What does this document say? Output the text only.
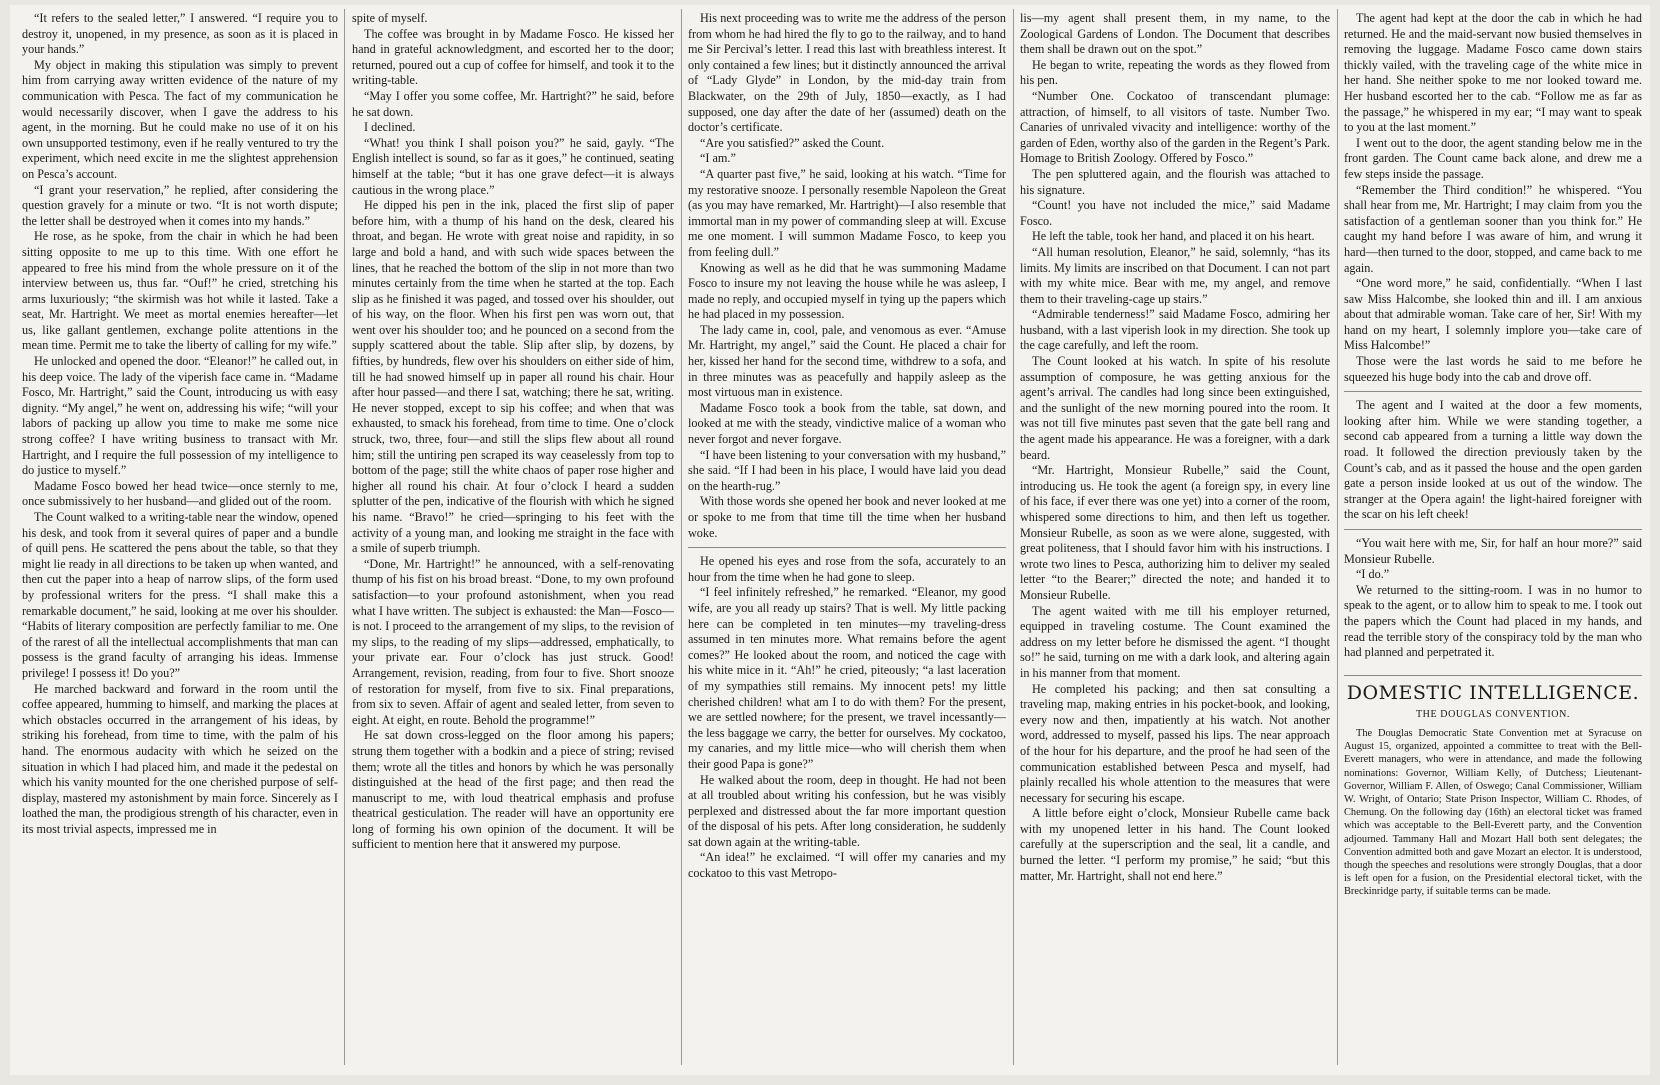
“It refers to the sealed letter,” I answered. “I require you to destroy it, unopened, in my presence, as soon as it is placed in your hands.”

My object in making this stipulation was simply to prevent him from carrying away written evidence of the nature of my communication with Pesca. The fact of my communication he would necessarily discover, when I gave the address to his agent, in the morning. But he could make no use of it on his own unsupported testimony, even if he really ventured to try the experiment, which need excite in me the slightest apprehension on Pesca’s account.

“I grant your reservation,” he replied, after considering the question gravely for a minute or two. “It is not worth dispute; the letter shall be destroyed when it comes into my hands.”

He rose, as he spoke, from the chair in which he had been sitting opposite to me up to this time. With one effort he appeared to free his mind from the whole pressure on it of the interview between us, thus far. “Ouf!” he cried, stretching his arms luxuriously; “the skirmish was hot while it lasted. Take a seat, Mr. Hartright. We meet as mortal enemies hereafter—let us, like gallant gentlemen, exchange polite attentions in the mean time. Permit me to take the liberty of calling for my wife.”

He unlocked and opened the door. “Eleanor!” he called out, in his deep voice. The lady of the viperish face came in. “Madame Fosco, Mr. Hartright,” said the Count, introducing us with easy dignity. “My angel,” he went on, addressing his wife; “will your labors of packing up allow you time to make me some nice strong coffee? I have writing business to transact with Mr. Hartright, and I require the full possession of my intelligence to do justice to myself.”

Madame Fosco bowed her head twice—once sternly to me, once submissively to her husband—and glided out of the room.

The Count walked to a writing-table near the window, opened his desk, and took from it several quires of paper and a bundle of quill pens. He scattered the pens about the table, so that they might lie ready in all directions to be taken up when wanted, and then cut the paper into a heap of narrow slips, of the form used by professional writers for the press. “I shall make this a remarkable document,” he said, looking at me over his shoulder. “Habits of literary composition are perfectly familiar to me. One of the rarest of all the intellectual accomplishments that man can possess is the grand faculty of arranging his ideas. Immense privilege! I possess it! Do you?”

He marched backward and forward in the room until the coffee appeared, humming to himself, and marking the places at which obstacles occurred in the arrangement of his ideas, by striking his forehead, from time to time, with the palm of his hand. The enormous audacity with which he seized on the situation in which I had placed him, and made it the pedestal on which his vanity mounted for the one cherished purpose of self-display, mastered my astonishment by main force. Sincerely as I loathed the man, the prodigious strength of his character, even in its most trivial aspects, impressed me in

spite of myself.

The coffee was brought in by Madame Fosco. He kissed her hand in grateful acknowledgment, and escorted her to the door; returned, poured out a cup of coffee for himself, and took it to the writing-table.

“May I offer you some coffee, Mr. Hartright?” he said, before he sat down.

I declined.

“What! you think I shall poison you?” he said, gayly. “The English intellect is sound, so far as it goes,” he continued, seating himself at the table; “but it has one grave defect—it is always cautious in the wrong place.”

He dipped his pen in the ink, placed the first slip of paper before him, with a thump of his hand on the desk, cleared his throat, and began. He wrote with great noise and rapidity, in so large and bold a hand, and with such wide spaces between the lines, that he reached the bottom of the slip in not more than two minutes certainly from the time when he started at the top. Each slip as he finished it was paged, and tossed over his shoulder, out of his way, on the floor. When his first pen was worn out, that went over his shoulder too; and he pounced on a second from the supply scattered about the table. Slip after slip, by dozens, by fifties, by hundreds, flew over his shoulders on either side of him, till he had snowed himself up in paper all round his chair. Hour after hour passed—and there I sat, watching; there he sat, writing. He never stopped, except to sip his coffee; and when that was exhausted, to smack his forehead, from time to time. One o’clock struck, two, three, four—and still the slips flew about all round him; still the untiring pen scraped its way ceaselessly from top to bottom of the page; still the white chaos of paper rose higher and higher all round his chair. At four o’clock I heard a sudden splutter of the pen, indicative of the flourish with which he signed his name. “Bravo!” he cried—springing to his feet with the activity of a young man, and looking me straight in the face with a smile of superb triumph.

“Done, Mr. Hartright!” he announced, with a self-renovating thump of his fist on his broad breast. “Done, to my own profound satisfaction—to your profound astonishment, when you read what I have written. The subject is exhausted: the Man—Fosco—is not. I proceed to the arrangement of my slips, to the revision of my slips, to the reading of my slips—addressed, emphatically, to your private ear. Four o’clock has just struck. Good! Arrangement, revision, reading, from four to five. Short snooze of restoration for myself, from five to six. Final preparations, from six to seven. Affair of agent and sealed letter, from seven to eight. At eight, en route. Behold the programme!”

He sat down cross-legged on the floor among his papers; strung them together with a bodkin and a piece of string; revised them; wrote all the titles and honors by which he was personally distinguished at the head of the first page; and then read the manuscript to me, with loud theatrical emphasis and profuse theatrical gesticulation. The reader will have an opportunity ere long of forming his own opinion of the document. It will be sufficient to mention here that it answered my purpose.

His next proceeding was to write me the address of the person from whom he had hired the fly to go to the railway, and to hand me Sir Percival’s letter. I read this last with breathless interest. It only contained a few lines; but it distinctly announced the arrival of “Lady Glyde” in London, by the mid-day train from Blackwater, on the 29th of July, 1850—exactly, as I had supposed, one day after the date of her (assumed) death on the doctor’s certificate.

“Are you satisfied?” asked the Count.

“I am.”

“A quarter past five,” he said, looking at his watch. “Time for my restorative snooze. I personally resemble Napoleon the Great (as you may have remarked, Mr. Hartright)—I also resemble that immortal man in my power of commanding sleep at will. Excuse me one moment. I will summon Madame Fosco, to keep you from feeling dull.”

Knowing as well as he did that he was summoning Madame Fosco to insure my not leaving the house while he was asleep, I made no reply, and occupied myself in tying up the papers which he had placed in my possession.

The lady came in, cool, pale, and venomous as ever. “Amuse Mr. Hartright, my angel,” said the Count. He placed a chair for her, kissed her hand for the second time, withdrew to a sofa, and in three minutes was as peacefully and happily asleep as the most virtuous man in existence.

Madame Fosco took a book from the table, sat down, and looked at me with the steady, vindictive malice of a woman who never forgot and never forgave.

“I have been listening to your conversation with my husband,” she said. “If I had been in his place, I would have laid you dead on the hearth-rug.”

With those words she opened her book and never looked at me or spoke to me from that time till the time when her husband woke.

He opened his eyes and rose from the sofa, accurately to an hour from the time when he had gone to sleep.

“I feel infinitely refreshed,” he remarked. “Eleanor, my good wife, are you all ready up stairs? That is well. My little packing here can be completed in ten minutes—my traveling-dress assumed in ten minutes more. What remains before the agent comes?” He looked about the room, and noticed the cage with his white mice in it. “Ah!” he cried, piteously; “a last laceration of my sympathies still remains. My innocent pets! my little cherished children! what am I to do with them? For the present, we are settled nowhere; for the present, we travel incessantly—the less baggage we carry, the better for ourselves. My cockatoo, my canaries, and my little mice—who will cherish them when their good Papa is gone?”

He walked about the room, deep in thought. He had not been at all troubled about writing his confession, but he was visibly perplexed and distressed about the far more important question of the disposal of his pets. After long consideration, he suddenly sat down again at the writing-table.

“An idea!” he exclaimed. “I will offer my canaries and my cockatoo to this vast Metropo-

lis—my agent shall present them, in my name, to the Zoological Gardens of London. The Document that describes them shall be drawn out on the spot.”

He began to write, repeating the words as they flowed from his pen.

“Number One. Cockatoo of transcendant plumage: attraction, of himself, to all visitors of taste. Number Two. Canaries of unrivaled vivacity and intelligence: worthy of the garden of Eden, worthy also of the garden in the Regent’s Park. Homage to British Zoology. Offered by Fosco.”

The pen spluttered again, and the flourish was attached to his signature.

“Count! you have not included the mice,” said Madame Fosco.

He left the table, took her hand, and placed it on his heart.

“All human resolution, Eleanor,” he said, solemnly, “has its limits. My limits are inscribed on that Document. I can not part with my white mice. Bear with me, my angel, and remove them to their traveling-cage up stairs.”

“Admirable tenderness!” said Madame Fosco, admiring her husband, with a last viperish look in my direction. She took up the cage carefully, and left the room.

The Count looked at his watch. In spite of his resolute assumption of composure, he was getting anxious for the agent’s arrival. The candles had long since been extinguished, and the sunlight of the new morning poured into the room. It was not till five minutes past seven that the gate bell rang and the agent made his appearance. He was a foreigner, with a dark beard.

“Mr. Hartright, Monsieur Rubelle,” said the Count, introducing us. He took the agent (a foreign spy, in every line of his face, if ever there was one yet) into a corner of the room, whispered some directions to him, and then left us together. Monsieur Rubelle, as soon as we were alone, suggested, with great politeness, that I should favor him with his instructions. I wrote two lines to Pesca, authorizing him to deliver my sealed letter “to the Bearer;” directed the note; and handed it to Monsieur Rubelle.

The agent waited with me till his employer returned, equipped in traveling costume. The Count examined the address on my letter before he dismissed the agent. “I thought so!” he said, turning on me with a dark look, and altering again in his manner from that moment.

He completed his packing; and then sat consulting a traveling map, making entries in his pocket-book, and looking, every now and then, impatiently at his watch. Not another word, addressed to myself, passed his lips. The near approach of the hour for his departure, and the proof he had seen of the communication established between Pesca and myself, had plainly recalled his whole attention to the measures that were necessary for securing his escape.

A little before eight o’clock, Monsieur Rubelle came back with my unopened letter in his hand. The Count looked carefully at the superscription and the seal, lit a candle, and burned the letter. “I perform my promise,” he said; “but this matter, Mr. Hartright, shall not end here.”

The agent had kept at the door the cab in which he had returned. He and the maid-servant now busied themselves in removing the luggage. Madame Fosco came down stairs thickly vailed, with the traveling cage of the white mice in her hand. She neither spoke to me nor looked toward me. Her husband escorted her to the cab. “Follow me as far as the passage,” he whispered in my ear; “I may want to speak to you at the last moment.”

I went out to the door, the agent standing below me in the front garden. The Count came back alone, and drew me a few steps inside the passage.

“Remember the Third condition!” he whispered. “You shall hear from me, Mr. Hartright; I may claim from you the satisfaction of a gentleman sooner than you think for.” He caught my hand before I was aware of him, and wrung it hard—then turned to the door, stopped, and came back to me again.

“One word more,” he said, confidentially. “When I last saw Miss Halcombe, she looked thin and ill. I am anxious about that admirable woman. Take care of her, Sir! With my hand on my heart, I solemnly implore you—take care of Miss Halcombe!”

Those were the last words he said to me before he squeezed his huge body into the cab and drove off.

The agent and I waited at the door a few moments, looking after him. While we were standing together, a second cab appeared from a turning a little way down the road. It followed the direction previously taken by the Count’s cab, and as it passed the house and the open garden gate a person inside looked at us out of the window. The stranger at the Opera again! the light-haired foreigner with the scar on his left cheek!

“You wait here with me, Sir, for half an hour more?” said Monsieur Rubelle.

“I do.”

We returned to the sitting-room. I was in no humor to speak to the agent, or to allow him to speak to me. I took out the papers which the Count had placed in my hands, and read the terrible story of the conspiracy told by the man who had planned and perpetrated it.

DOMESTIC INTELLIGENCE.
THE DOUGLAS CONVENTION.

The Douglas Democratic State Convention met at Syracuse on August 15, organized, appointed a committee to treat with the Bell-Everett managers, who were in attendance, and made the following nominations: Governor, William Kelly, of Dutchess; Lieutenant-Governor, William F. Allen, of Oswego; Canal Commissioner, William W. Wright, of Ontario; State Prison Inspector, William C. Rhodes, of Chemung. On the following day (16th) an electoral ticket was framed which was acceptable to the Bell-Everett party, and the Convention adjourned. Tammany Hall and Mozart Hall both sent delegates; the Convention admitted both and gave Mozart an elector. It is understood, though the speeches and resolutions were strongly Douglas, that a door is left open for a fusion, on the Presidential electoral ticket, with the Breckinridge party, if suitable terms can be made.
